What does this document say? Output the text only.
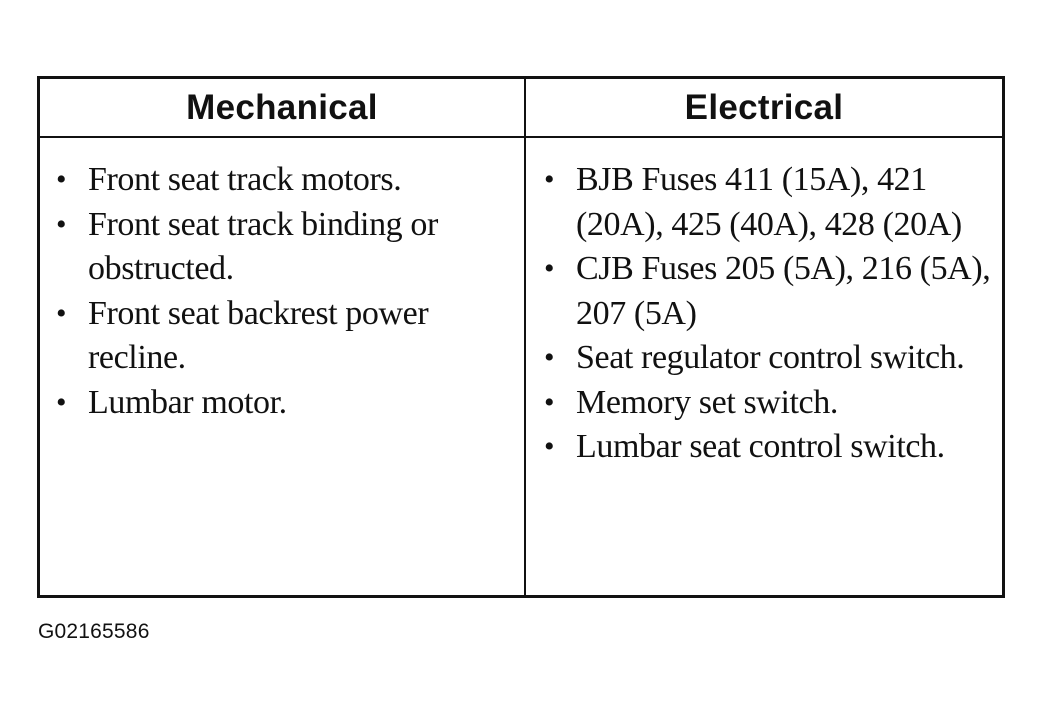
Mechanical	Electrical
• Front seat track motors.
• Front seat track binding or obstructed.
• Front seat backrest power recline.
• Lumbar motor.
• BJB Fuses 411 (15A), 421 (20A), 425 (40A), 428 (20A)
• CJB Fuses 205 (5A), 216 (5A), 207 (5A)
• Seat regulator control switch.
• Memory set switch.
• Lumbar seat control switch.
G02165586
